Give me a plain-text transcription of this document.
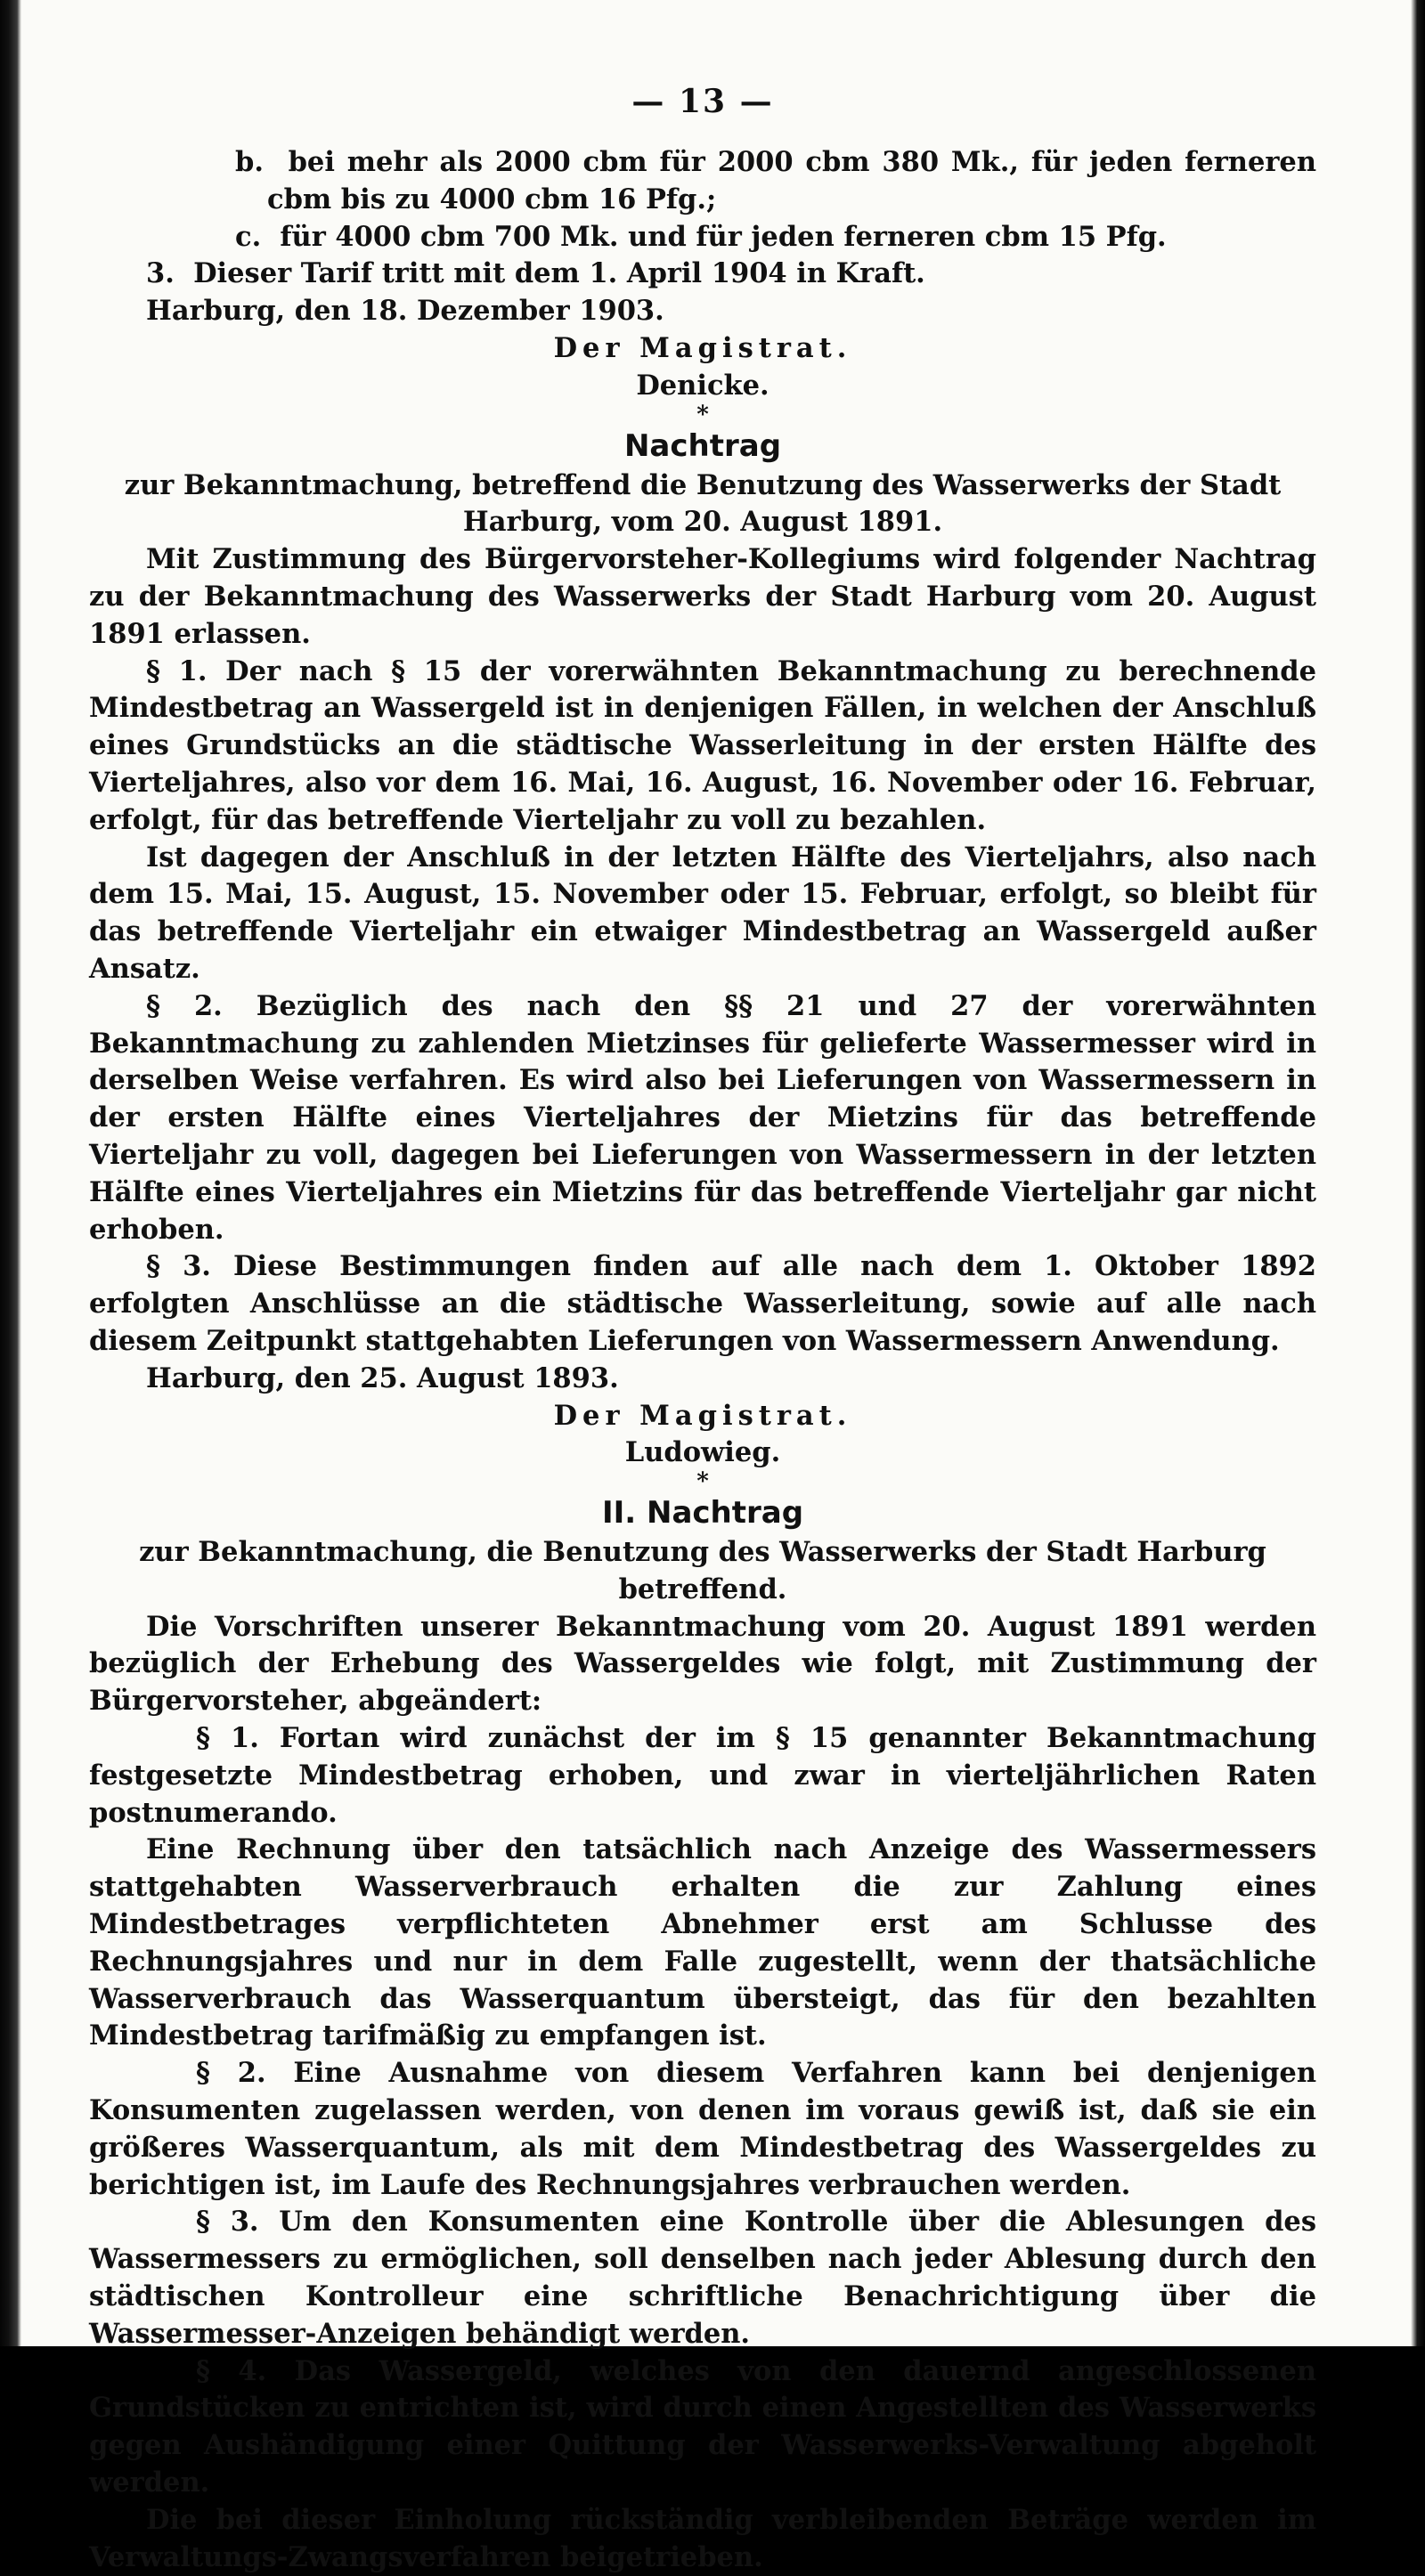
— 13 —

b.  bei mehr als 2000 cbm für 2000 cbm 380 Mk., für jeden ferneren cbm bis zu 4000 cbm 16 Pfg.;

c.  für 4000 cbm 700 Mk. und für jeden ferneren cbm 15 Pfg.

3.  Dieser Tarif tritt mit dem 1. April 1904 in Kraft.

Harburg, den 18. Dezember 1903.

Der Magistrat.

Denicke.

*

Nachtrag

zur Bekanntmachung, betreffend die Benutzung des Wasserwerks der Stadt Harburg, vom 20. August 1891.

Mit Zustimmung des Bürgervorsteher-Kollegiums wird folgender Nachtrag zu der Bekanntmachung des Wasserwerks der Stadt Harburg vom 20. August 1891 erlassen.

§ 1. Der nach § 15 der vorerwähnten Bekanntmachung zu berechnende Mindestbetrag an Wassergeld ist in denjenigen Fällen, in welchen der Anschluß eines Grundstücks an die städtische Wasserleitung in der ersten Hälfte des Vierteljahres, also vor dem 16. Mai, 16. August, 16. November oder 16. Februar, erfolgt, für das betreffende Vierteljahr zu voll zu bezahlen.

Ist dagegen der Anschluß in der letzten Hälfte des Vierteljahrs, also nach dem 15. Mai, 15. August, 15. November oder 15. Februar, erfolgt, so bleibt für das betreffende Vierteljahr ein etwaiger Mindestbetrag an Wassergeld außer Ansatz.

§ 2. Bezüglich des nach den §§ 21 und 27 der vorerwähnten Bekanntmachung zu zahlenden Mietzinses für gelieferte Wassermesser wird in derselben Weise verfahren. Es wird also bei Lieferungen von Wassermessern in der ersten Hälfte eines Vierteljahres der Mietzins für das betreffende Vierteljahr zu voll, dagegen bei Lieferungen von Wassermessern in der letzten Hälfte eines Vierteljahres ein Mietzins für das betreffende Vierteljahr gar nicht erhoben.

§ 3. Diese Bestimmungen finden auf alle nach dem 1. Oktober 1892 erfolgten Anschlüsse an die städtische Wasserleitung, sowie auf alle nach diesem Zeitpunkt stattgehabten Lieferungen von Wassermessern Anwendung.

Harburg, den 25. August 1893.

Der Magistrat.

Ludowieg.

*

II. Nachtrag

zur Bekanntmachung, die Benutzung des Wasserwerks der Stadt Harburg betreffend.

Die Vorschriften unserer Bekanntmachung vom 20. August 1891 werden bezüglich der Erhebung des Wassergeldes wie folgt, mit Zustimmung der Bürgervorsteher, abgeändert:

§ 1. Fortan wird zunächst der im § 15 genannter Bekanntmachung festgesetzte Mindestbetrag erhoben, und zwar in vierteljährlichen Raten postnumerando.

Eine Rechnung über den tatsächlich nach Anzeige des Wassermessers stattgehabten Wasserverbrauch erhalten die zur Zahlung eines Mindestbetrages verpflichteten Abnehmer erst am Schlusse des Rechnungsjahres und nur in dem Falle zugestellt, wenn der thatsächliche Wasserverbrauch das Wasserquantum übersteigt, das für den bezahlten Mindestbetrag tarifmäßig zu empfangen ist.

§ 2. Eine Ausnahme von diesem Verfahren kann bei denjenigen Konsumenten zugelassen werden, von denen im voraus gewiß ist, daß sie ein größeres Wasserquantum, als mit dem Mindestbetrag des Wassergeldes zu berichtigen ist, im Laufe des Rechnungsjahres verbrauchen werden.

§ 3. Um den Konsumenten eine Kontrolle über die Ablesungen des Wassermessers zu ermöglichen, soll denselben nach jeder Ablesung durch den städtischen Kontrolleur eine schriftliche Benachrichtigung über die Wassermesser-Anzeigen behändigt werden.

§ 4. Das Wassergeld, welches von den dauernd angeschlossenen Grundstücken zu entrichten ist, wird durch einen Angestellten des Wasserwerks gegen Aushändigung einer Quittung der Wasserwerks-Verwaltung abgeholt werden.

Die bei dieser Einholung rückständig verbleibenden Beträge werden im Verwaltungs-Zwangsverfahren beigetrieben.
